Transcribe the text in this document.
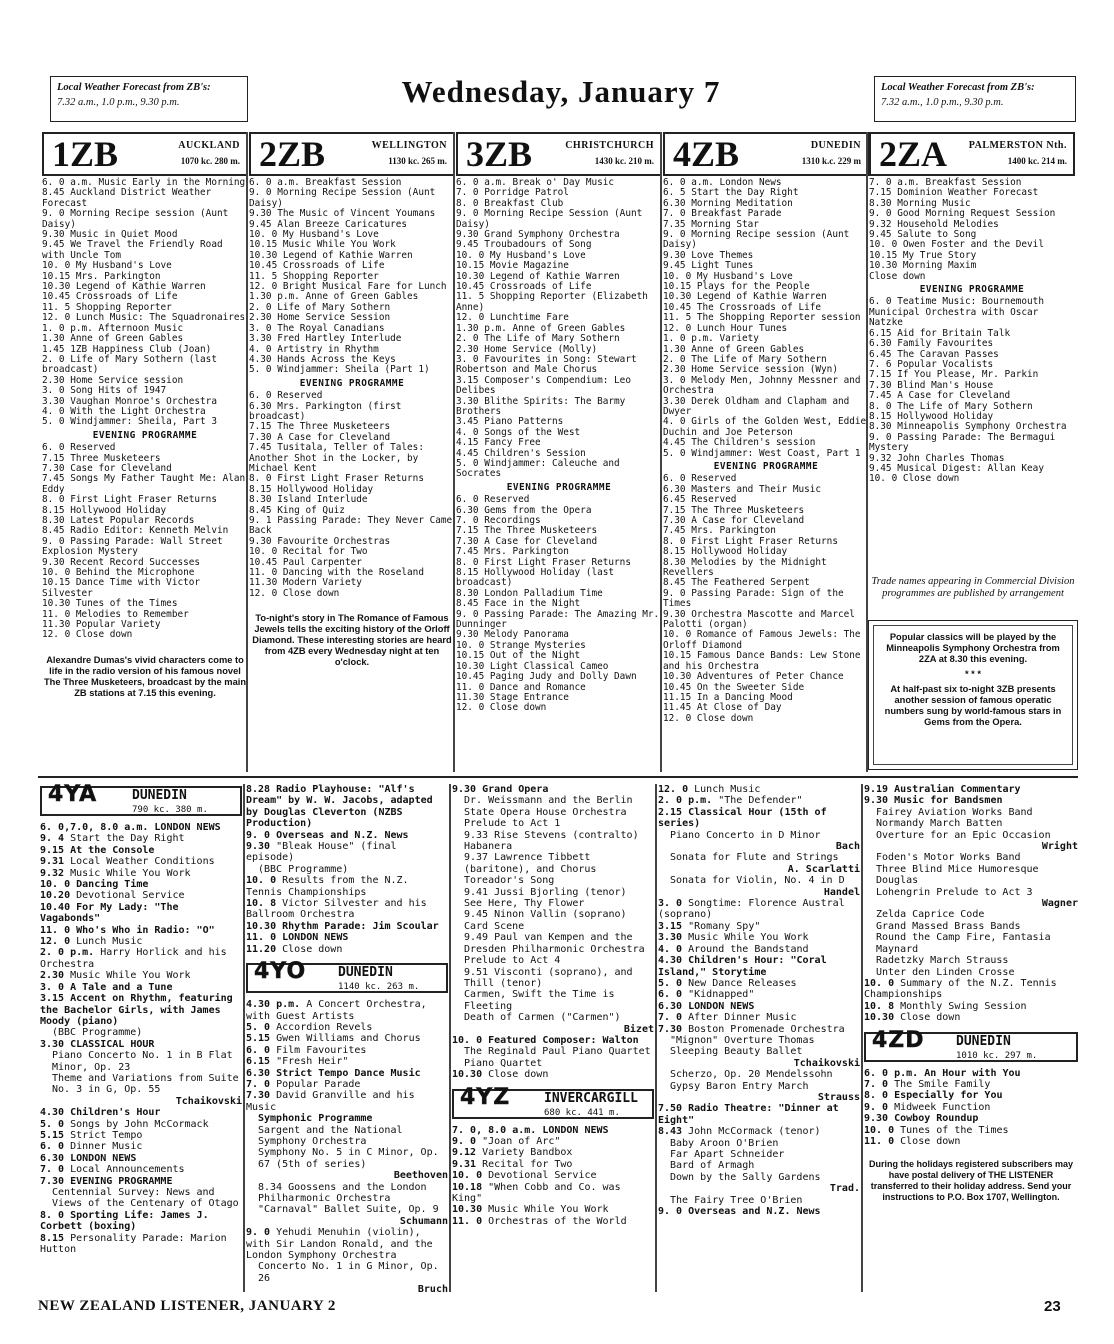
Local Weather Forecast from ZB's:
7.32 a.m., 1.0 p.m., 9.30 p.m.	Wednesday, January 7	Local Weather Forecast from ZB's:
7.32 a.m., 1.0 p.m., 9.30 p.m.
1ZB	AUCKLAND
1070 kc. 280 m.
6. 0 a.m. Music Early in the Morning
8.45 Auckland District Weather Forecast
9. 0 Morning Recipe session (Aunt Daisy)
9.30 Music in Quiet Mood
9.45 We Travel the Friendly Road with Uncle Tom
10. 0 My Husband's Love
10.15 Mrs. Parkington
10.30 Legend of Kathie Warren
10.45 Crossroads of Life
11. 5 Shopping Reporter
12. 0 Lunch Music: The Squadronaires
1. 0 p.m. Afternoon Music
1.30 Anne of Green Gables
1.45 1ZB Happiness Club (Joan)
2. 0 Life of Mary Sothern (last broadcast)
2.30 Home Service session
3. 0 Song Hits of 1947
3.30 Vaughan Monroe's Orchestra
4. 0 With the Light Orchestra
5. 0 Windjammer: Sheila, Part 3
EVENING PROGRAMME
6. 0 Reserved
7.15 Three Musketeers
7.30 Case for Cleveland
7.45 Songs My Father Taught Me: Alan Eddy
8. 0 First Light Fraser Returns
8.15 Hollywood Holiday
8.30 Latest Popular Records
8.45 Radio Editor: Kenneth Melvin
9. 0 Passing Parade: Wall Street Explosion Mystery
9.30 Recent Record Successes
10. 0 Behind the Microphone
10.15 Dance Time with Victor Silvester
10.30 Tunes of the Times
11. 0 Melodies to Remember
11.30 Popular Variety
12. 0 Close down
Alexandre Dumas's vivid characters come to life in the radio version of his famous novel The Three Musketeers, broadcast by the main ZB stations at 7.15 this evening.
2ZB	WELLINGTON
1130 kc. 265 m.
6. 0 a.m. Breakfast Session
9. 0 Morning Recipe Session (Aunt Daisy)
9.30 The Music of Vincent Youmans
9.45 Alan Breeze Caricatures
10. 0 My Husband's Love
10.15 Music While You Work
10.30 Legend of Kathie Warren
10.45 Crossroads of Life
11. 5 Shopping Reporter
12. 0 Bright Musical Fare for Lunch
1.30 p.m. Anne of Green Gables
2. 0 Life of Mary Sothern
2.30 Home Service Session
3. 0 The Royal Canadians
3.30 Fred Hartley Interlude
4. 0 Artistry in Rhythm
4.30 Hands Across the Keys
5. 0 Windjammer: Sheila (Part 1)
EVENING PROGRAMME
6. 0 Reserved
6.30 Mrs. Parkington (first broadcast)
7.15 The Three Musketeers
7.30 A Case for Cleveland
7.45 Tusitala, Teller of Tales: Another Shot in the Locker, by Michael Kent
8. 0 First Light Fraser Returns
8.15 Hollywood Holiday
8.30 Island Interlude
8.45 King of Quiz
9. 1 Passing Parade: They Never Came Back
9.30 Favourite Orchestras
10. 0 Recital for Two
10.45 Paul Carpenter
11. 0 Dancing with the Roseland
11.30 Modern Variety
12. 0 Close down
To-night's story in The Romance of Famous Jewels tells the exciting history of the Orloff Diamond. These interesting stories are heard from 4ZB every Wednesday night at ten o'clock.
3ZB	CHRISTCHURCH
1430 kc. 210 m.
6. 0 a.m. Break o' Day Music
7. 0 Porridge Patrol
8. 0 Breakfast Club
9. 0 Morning Recipe Session (Aunt Daisy)
9.30 Grand Symphony Orchestra
9.45 Troubadours of Song
10. 0 My Husband's Love
10.15 Movie Magazine
10.30 Legend of Kathie Warren
10.45 Crossroads of Life
11. 5 Shopping Reporter (Elizabeth Anne)
12. 0 Lunchtime Fare
1.30 p.m. Anne of Green Gables
2. 0 The Life of Mary Sothern
2.30 Home Service (Molly)
3. 0 Favourites in Song: Stewart Robertson and Male Chorus
3.15 Composer's Compendium: Leo Delibes
3.30 Blithe Spirits: The Barmy Brothers
3.45 Piano Patterns
4. 0 Songs of the West
4.15 Fancy Free
4.45 Children's Session
5. 0 Windjammer: Caleuche and Socrates
EVENING PROGRAMME
6. 0 Reserved
6.30 Gems from the Opera
7. 0 Recordings
7.15 The Three Musketeers
7.30 A Case for Cleveland
7.45 Mrs. Parkington
8. 0 First Light Fraser Returns
8.15 Hollywood Holiday (last broadcast)
8.30 London Palladium Time
8.45 Face in the Night
9. 0 Passing Parade: The Amazing Mr. Dunninger
9.30 Melody Panorama
10. 0 Strange Mysteries
10.15 Out of the Night
10.30 Light Classical Cameo
10.45 Paging Judy and Dolly Dawn
11. 0 Dance and Romance
11.30 Stage Entrance
12. 0 Close down
4ZB	DUNEDIN
1310 k.c. 229 m
6. 0 a.m. London News
6. 5 Start the Day Right
6.30 Morning Meditation
7. 0 Breakfast Parade
7.35 Morning Star
9. 0 Morning Recipe session (Aunt Daisy)
9.30 Love Themes
9.45 Light Tunes
10. 0 My Husband's Love
10.15 Plays for the People
10.30 Legend of Kathie Warren
10.45 The Crossroads of Life
11. 5 The Shopping Reporter session
12. 0 Lunch Hour Tunes
1. 0 p.m. Variety
1.30 Anne of Green Gables
2. 0 The Life of Mary Sothern
2.30 Home Service session (Wyn)
3. 0 Melody Men, Johnny Messner and Orchestra
3.30 Derek Oldham and Clapham and Dwyer
4. 0 Girls of the Golden West, Eddie Duchin and Joe Peterson
4.45 The Children's session
5. 0 Windjammer: West Coast, Part 1
EVENING PROGRAMME
6. 0 Reserved
6.30 Masters and Their Music
6.45 Reserved
7.15 The Three Musketeers
7.30 A Case for Cleveland
7.45 Mrs. Parkington
8. 0 First Light Fraser Returns
8.15 Hollywood Holiday
8.30 Melodies by the Midnight Revellers
8.45 The Feathered Serpent
9. 0 Passing Parade: Sign of the Times
9.30 Orchestra Mascotte and Marcel Palotti (organ)
10. 0 Romance of Famous Jewels: The Orloff Diamond
10.15 Famous Dance Bands: Lew Stone and his Orchestra
10.30 Adventures of Peter Chance
10.45 On the Sweeter Side
11.15 In a Dancing Mood
11.45 At Close of Day
12. 0 Close down
2ZA PALMERSTON Nth.
1400 kc. 214 m.
7. 0 a.m. Breakfast Session
7.15 Dominion Weather Forecast
8.30 Morning Music
9. 0 Good Morning Request Session
9.32 Household Melodies
9.45 Salute to Song
10. 0 Owen Foster and the Devil
10.15 My True Story
10.30 Morning Maxim
Close down
EVENING PROGRAMME
6. 0 Teatime Music: Bournemouth Municipal Orchestra with Oscar Natzke
6.15 Aid for Britain Talk
6.30 Family Favourites
6.45 The Caravan Passes
7. 6 Popular Vocalists
7.15 If You Please, Mr. Parkin
7.30 Blind Man's House
7.45 A Case for Cleveland
8. 0 The Life of Mary Sothern
8.15 Hollywood Holiday
8.30 Minneapolis Symphony Orchestra
9. 0 Passing Parade: The Bermagui Mystery
9.32 John Charles Thomas
9.45 Musical Digest: Allan Keay
10. 0 Close down
Trade names appearing in Commercial Division programmes are published by arrangement
Popular classics will be played by the Minneapolis Symphony Orchestra from 2ZA at 8.30 this evening.
* * *
At half-past six to-night 3ZB presents another session of famous operatic numbers sung by world-famous stars in Gems from the Opera.
4YA	DUNEDIN
790 kc. 380 m.
6. 0,7.0, 8.0 a.m. LONDON NEWS
9. 4 Start the Day Right
9.15 At the Console
9.31 Local Weather Conditions
9.32 Music While You Work
10. 0 Dancing Time
10.20 Devotional Service
10.40 For My Lady: "The Vagabonds"
11. 0 Who's Who in Radio: "O"
12. 0 Lunch Music
2. 0 p.m. Harry Horlick and his Orchestra
2.30 Music While You Work
3. 0 A Tale and a Tune
3.15 Accent on Rhythm, featuring the Bachelor Girls, with James Moody (piano)
(BBC Programme)
3.30 CLASSICAL HOUR
Piano Concerto No. 1 in B Flat Minor, Op. 23
Theme and Variations from Suite No. 3 in G, Op. 55
Tchaikovski
4.30 Children's Hour
5. 0 Songs by John McCormack
5.15 Strict Tempo
6. 0 Dinner Music
6.30 LONDON NEWS
7. 0 Local Announcements
7.30 EVENING PROGRAMME
Centennial Survey: News and Views of the Centenary of Otago
8. 0 Sporting Life: James J. Corbett (boxing)
8.15 Personality Parade: Marion Hutton
8.28 Radio Playhouse: "Alf's Dream" by W. W. Jacobs, adapted by Douglas Cleverton (NZBS Production)
9. 0 Overseas and N.Z. News
9.30 "Bleak House" (final episode)
(BBC Programme)
10. 0 Results from the N.Z. Tennis Championships
10. 8 Victor Silvester and his Ballroom Orchestra
10.30 Rhythm Parade: Jim Scoular
11. 0 LONDON NEWS
11.20 Close down
4YO DUNEDIN
1140 kc. 263 m.
4.30 p.m. A Concert Orchestra, with Guest Artists
5. 0 Accordion Revels
5.15 Gwen Williams and Chorus
6. 0 Film Favourites
6.15 "Fresh Heir"
6.30 Strict Tempo Dance Music
7. 0 Popular Parade
7.30 David Granville and his Music
Symphonic Programme
Sargent and the National Symphony Orchestra
Symphony No. 5 in C Minor, Op. 67 (5th of series)
Beethoven
8.34 Goossens and the London Philharmonic Orchestra
"Carnaval" Ballet Suite, Op. 9
Schumann
9. 0 Yehudi Menuhin (violin), with Sir Landon Ronald, and the London Symphony Orchestra
Concerto No. 1 in G Minor, Op. 26
Bruch
9.30 Grand Opera
Dr. Weissmann and the Berlin State Opera House Orchestra
Prelude to Act 1
9.33 Rise Stevens (contralto)
Habanera
9.37 Lawrence Tibbett (baritone), and Chorus
Toreador's Song
9.41 Jussi Bjorling (tenor)
See Here, Thy Flower
9.45 Ninon Vallin (soprano)
Card Scene
9.49 Paul van Kempen and the Dresden Philharmonic Orchestra
Prelude to Act 4
9.51 Visconti (soprano), and Thill (tenor)
Carmen, Swift the Time is Fleeting
Death of Carmen ("Carmen")
Bizet
10. 0 Featured Composer: Walton
The Reginald Paul Piano Quartet
Piano Quartet
10.30 Close down
4YZ	INVERCARGILL
680 kc. 441 m.
7. 0, 8.0 a.m. LONDON NEWS
9. 0 "Joan of Arc"
9.12 Variety Bandbox
9.31 Recital for Two
10. 0 Devotional Service
10.18 "When Cobb and Co. was King"
10.30 Music While You Work
11. 0 Orchestras of the World
12. 0 Lunch Music
2. 0 p.m. "The Defender"
2.15 Classical Hour (15th of series)
Piano Concerto in D Minor
Bach
Sonata for Flute and Strings
A. Scarlatti
Sonata for Violin, No. 4 in D
Handel
3. 0 Songtime: Florence Austral (soprano)
3.15 "Romany Spy"
3.30 Music While You Work
4. 0 Around the Bandstand
4.30 Children's Hour: "Coral Island," Storytime
5. 0 New Dance Releases
6. 0 "Kidnapped"
6.30 LONDON NEWS
7. 0 After Dinner Music
7.30 Boston Promenade Orchestra
"Mignon" Overture Thomas
Sleeping Beauty Ballet
Tchaikovski
Scherzo, Op. 20 Mendelssohn
Gypsy Baron Entry March
Strauss
7.50 Radio Theatre: "Dinner at Eight"
8.43 John McCormack (tenor)
Baby Aroon O'Brien
Far Apart Schneider
Bard of Armagh
Down by the Sally Gardens
Trad.
The Fairy Tree O'Brien
9. 0 Overseas and N.Z. News
9.19 Australian Commentary
9.30 Music for Bandsmen
Fairey Aviation Works Band
Normandy March Batten
Overture for an Epic Occasion
Wright
Foden's Motor Works Band
Three Blind Mice Humoresque Douglas
Lohengrin Prelude to Act 3
Wagner
Zelda Caprice Code
Grand Massed Brass Bands
Round the Camp Fire, Fantasia Maynard
Radetzky March Strauss
Unter den Linden Crosse
10. 0 Summary of the N.Z. Tennis Championships
10. 8 Monthly Swing Session
10.30 Close down
4ZD DUNEDIN
1010 kc. 297 m.
6. 0 p.m. An Hour with You
7. 0 The Smile Family
8. 0 Especially for You
9. 0 Midweek Function
9.30 Cowboy Roundup
10. 0 Tunes of the Times
11. 0 Close down
During the holidays registered subscribers may have postal delivery of THE LISTENER transferred to their holiday address. Send your instructions to P.O. Box 1707, Wellington.
NEW ZEALAND LISTENER, JANUARY 2	23
